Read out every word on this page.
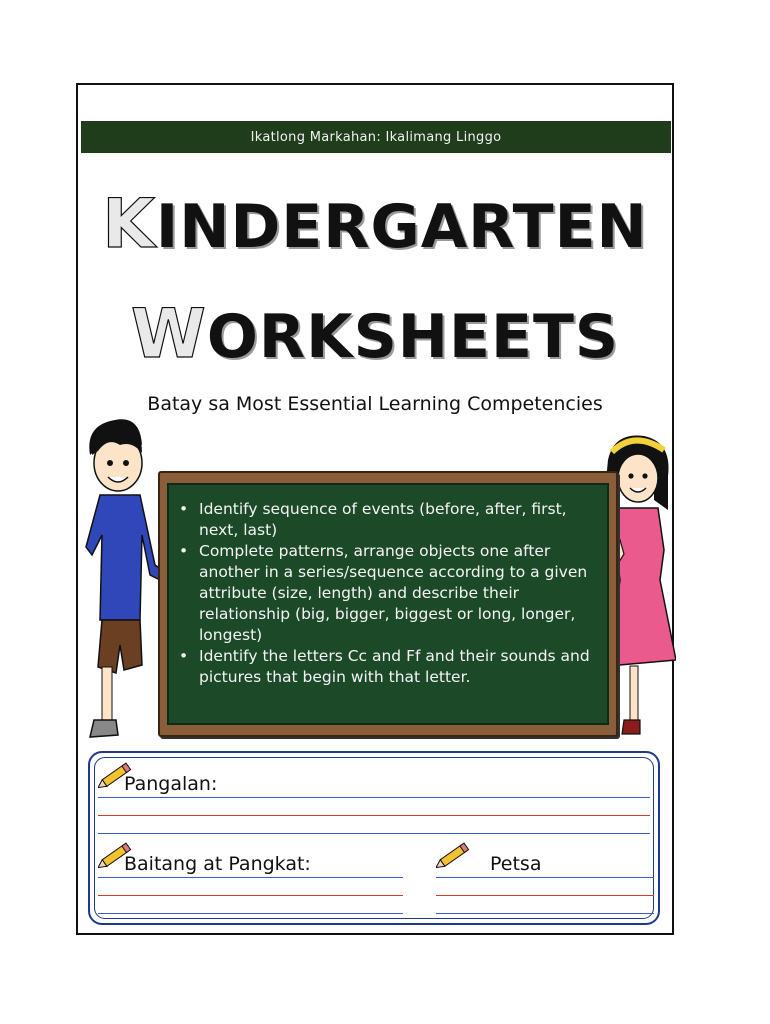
Ikatlong Markahan: Ikalimang Linggo
KINDERGARTEN
WORKSHEETS
Batay sa Most Essential Learning Competencies
• Identify sequence of events (before, after, first, next, last)
• Complete patterns, arrange objects one after another in a series/sequence according to a given attribute (size, length) and describe their relationship (big, bigger, biggest or long, longer, longest)
• Identify the letters Cc and Ff and their sounds and pictures that begin with that letter.
Pangalan:
Baitang at Pangkat:	Petsa
